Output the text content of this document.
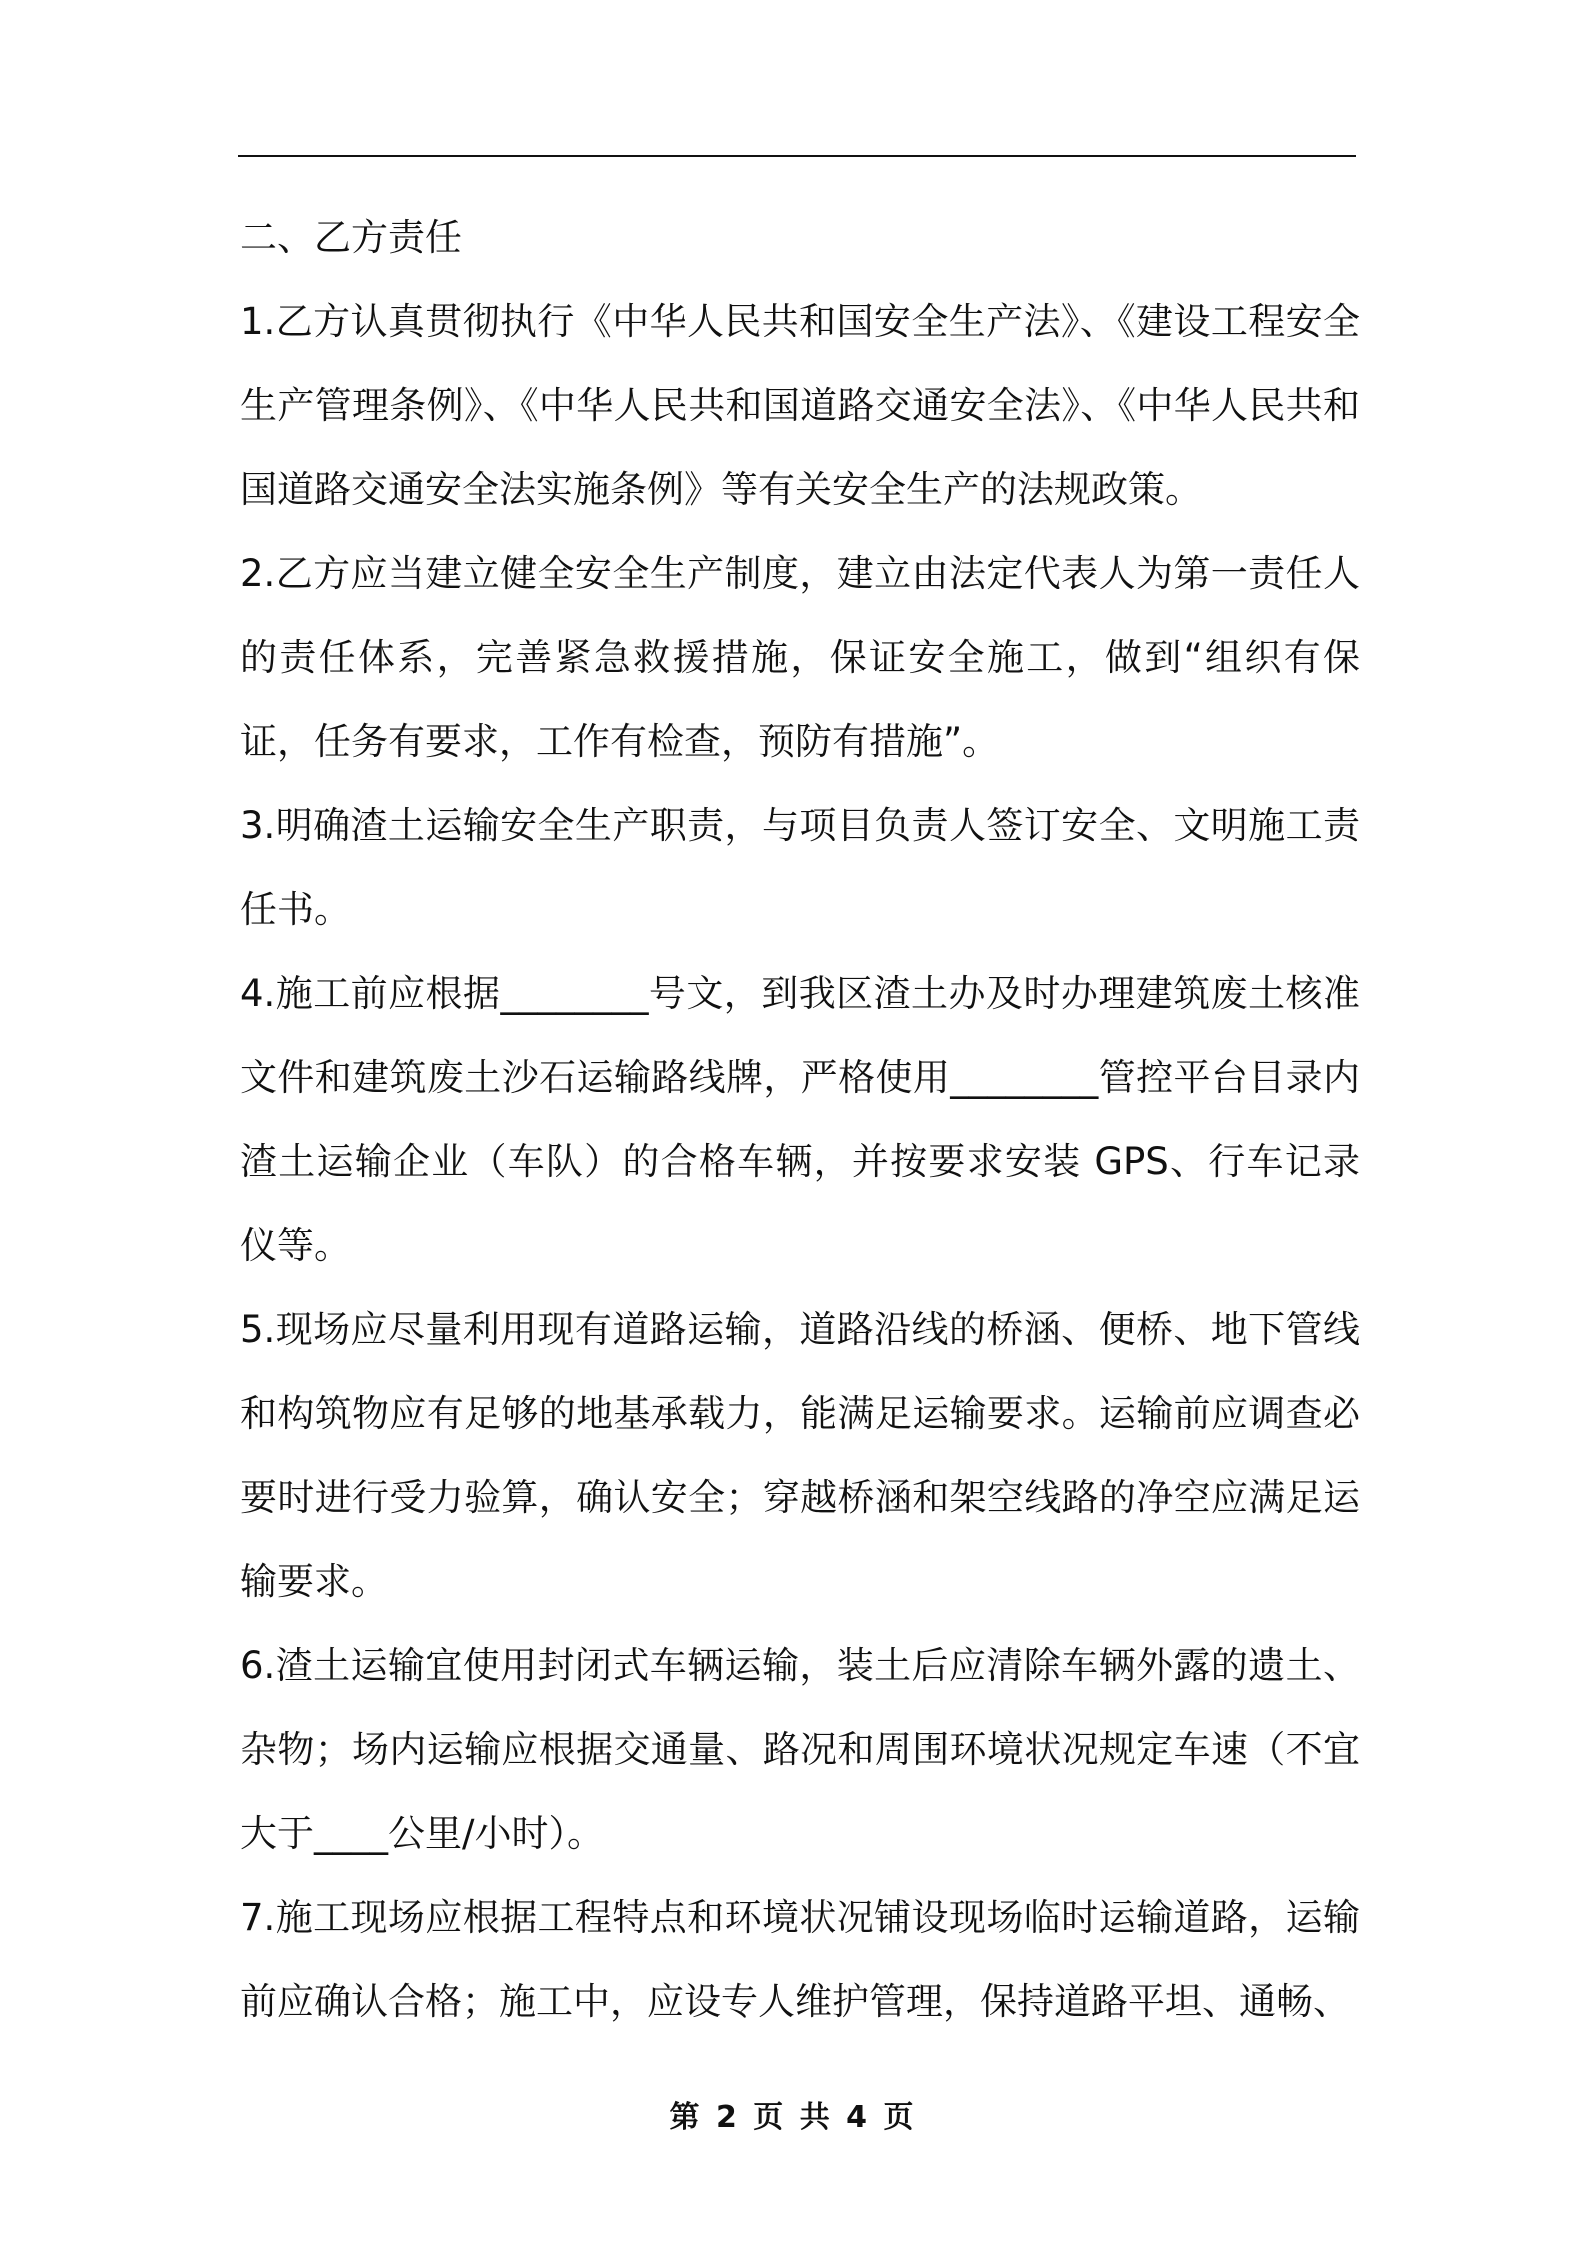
二、乙方责任

1.乙方认真贯彻执行《中华人民共和国安全生产法》、《建设工程安全生产管理条例》、《中华人民共和国道路交通安全法》、《中华人民共和国道路交通安全法实施条例》等有关安全生产的法规政策。

2.乙方应当建立健全安全生产制度，建立由法定代表人为第一责任人的责任体系，完善紧急救援措施，保证安全施工，做到“组织有保证，任务有要求，工作有检查，预防有措施”。

3.明确渣土运输安全生产职责，与项目负责人签订安全、文明施工责任书。

4.施工前应根据________号文，到我区渣土办及时办理建筑废土核准文件和建筑废土沙石运输路线牌，严格使用________管控平台目录内渣土运输企业（车队）的合格车辆，并按要求安装 GPS、行车记录仪等。

5.现场应尽量利用现有道路运输，道路沿线的桥涵、便桥、地下管线和构筑物应有足够的地基承载力，能满足运输要求。运输前应调查必要时进行受力验算，确认安全；穿越桥涵和架空线路的净空应满足运输要求。

6.渣土运输宜使用封闭式车辆运输，装土后应清除车辆外露的遗土、杂物；场内运输应根据交通量、路况和周围环境状况规定车速（不宜大于____公里/小时）。

7.施工现场应根据工程特点和环境状况铺设现场临时运输道路，运输前应确认合格；施工中，应设专人维护管理，保持道路平坦、通畅、

第 2 页 共 4 页
